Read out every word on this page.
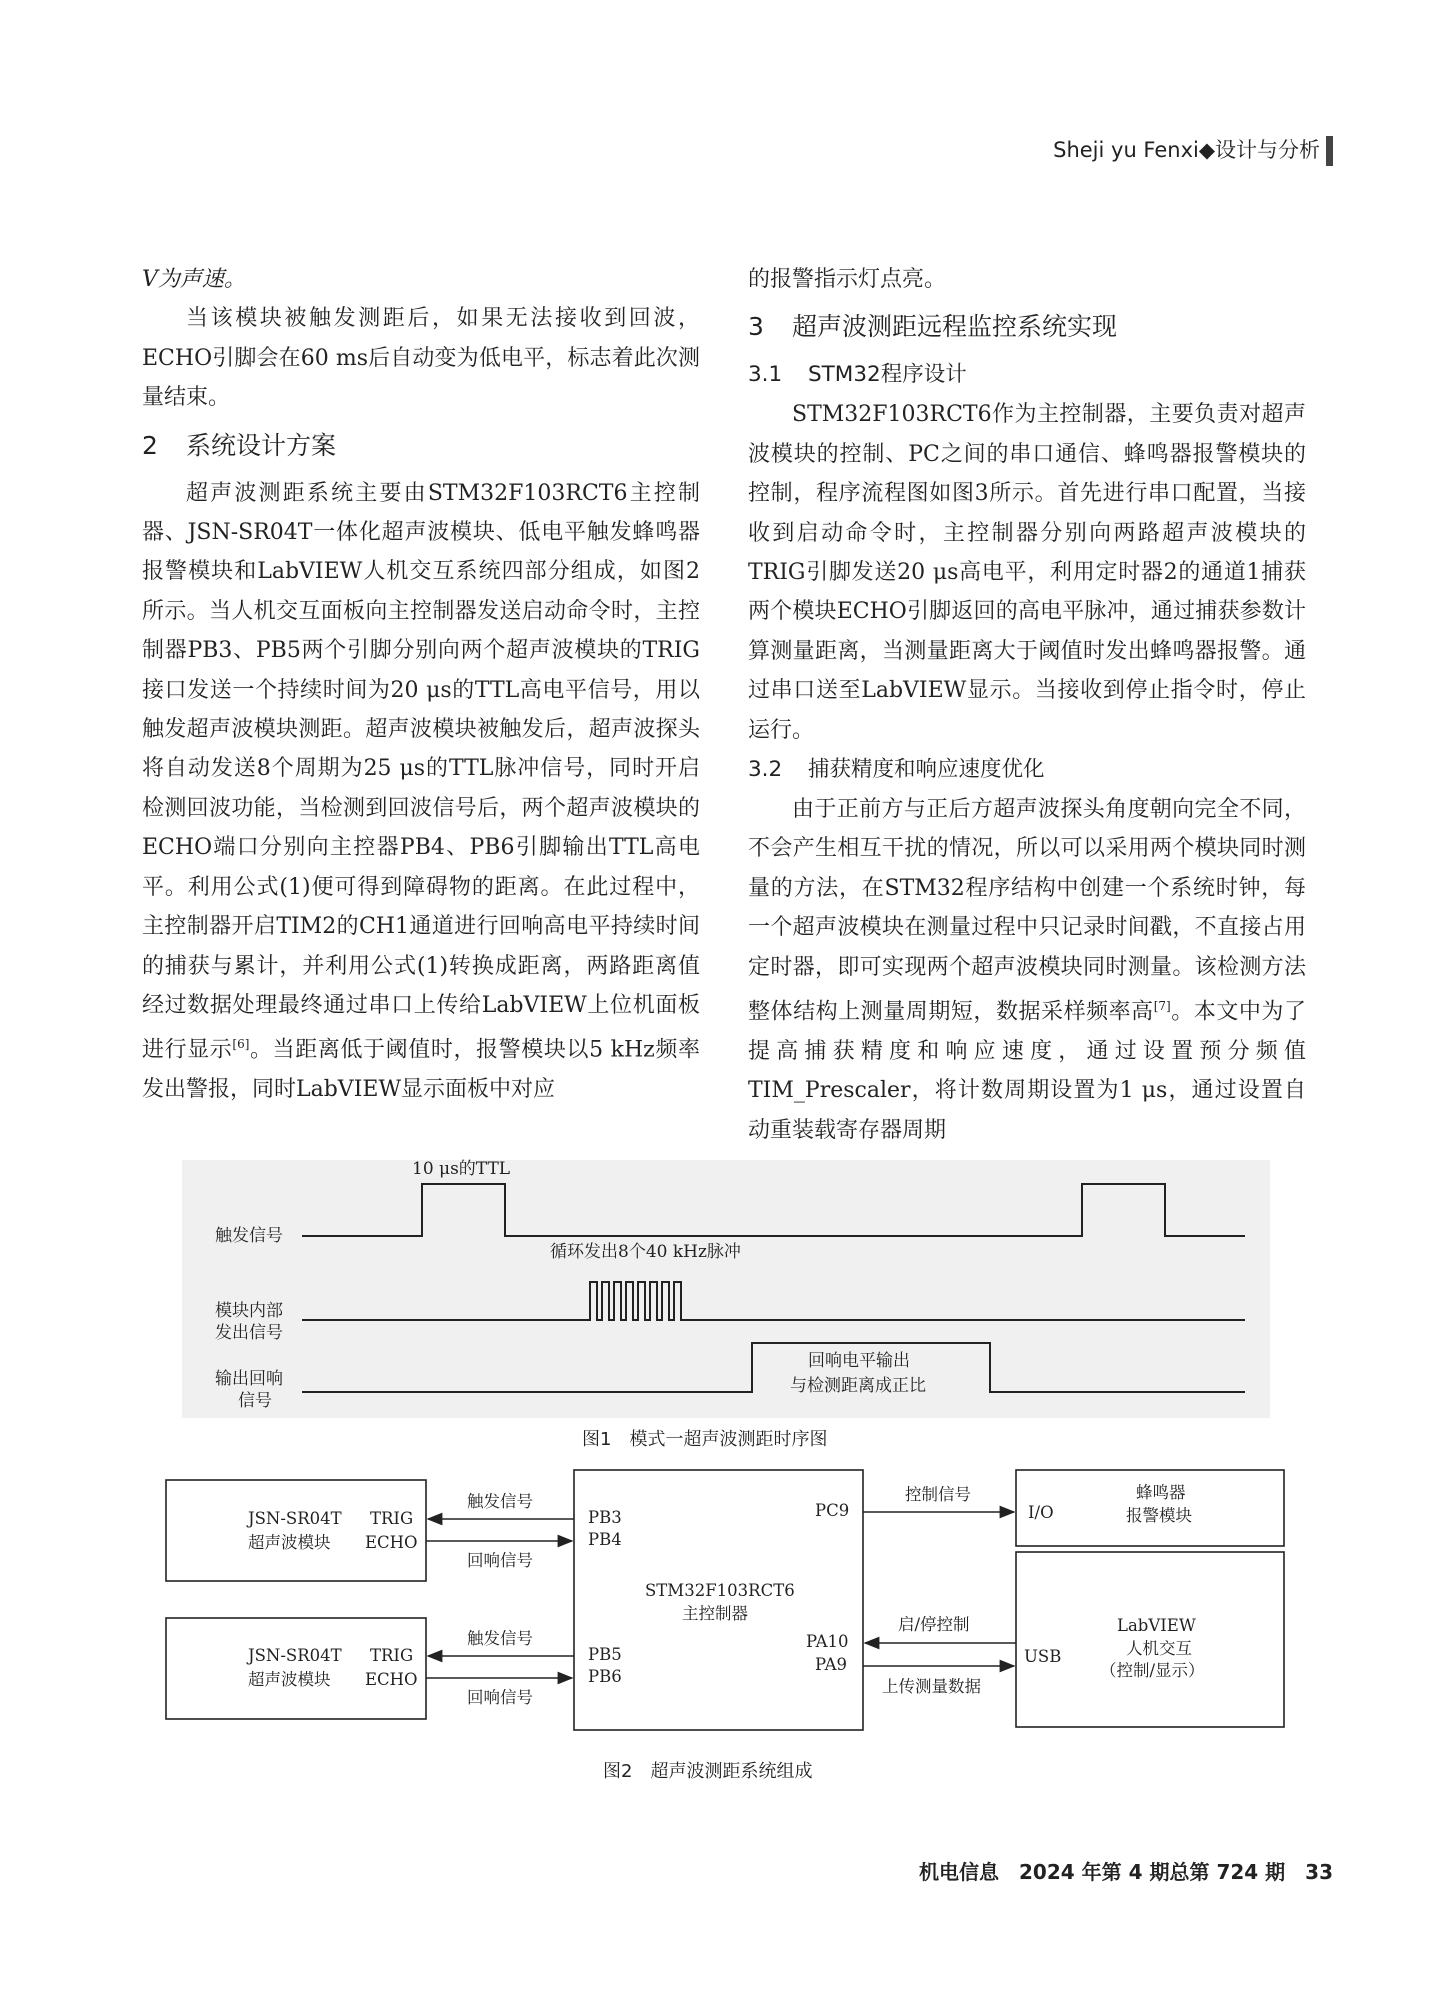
Sheji yu Fenxi◆设计与分析

V为声速。

当该模块被触发测距后，如果无法接收到回波，ECHO引脚会在60 ms后自动变为低电平，标志着此次测量结束。

2 系统设计方案

超声波测距系统主要由STM32F103RCT6主控制器、JSN-SR04T一体化超声波模块、低电平触发蜂鸣器报警模块和LabVIEW人机交互系统四部分组成，如图2所示。当人机交互面板向主控制器发送启动命令时，主控制器PB3、PB5两个引脚分别向两个超声波模块的TRIG接口发送一个持续时间为20 μs的TTL高电平信号，用以触发超声波模块测距。超声波模块被触发后，超声波探头将自动发送8个周期为25 μs的TTL脉冲信号，同时开启检测回波功能，当检测到回波信号后，两个超声波模块的ECHO端口分别向主控器PB4、PB6引脚输出TTL高电平。利用公式(1)便可得到障碍物的距离。在此过程中，主控制器开启TIM2的CH1通道进行回响高电平持续时间的捕获与累计，并利用公式(1)转换成距离，两路距离值经过数据处理最终通过串口上传给LabVIEW上位机面板进行显示[6]。当距离低于阈值时，报警模块以5 kHz频率发出警报，同时LabVIEW显示面板中对应

的报警指示灯点亮。

3 超声波测距远程监控系统实现

3.1 STM32程序设计

STM32F103RCT6作为主控制器，主要负责对超声波模块的控制、PC之间的串口通信、蜂鸣器报警模块的控制，程序流程图如图3所示。首先进行串口配置，当接收到启动命令时，主控制器分别向两路超声波模块的TRIG引脚发送20 μs高电平，利用定时器2的通道1捕获两个模块ECHO引脚返回的高电平脉冲，通过捕获参数计算测量距离，当测量距离大于阈值时发出蜂鸣器报警。通过串口送至LabVIEW显示。当接收到停止指令时，停止运行。

3.2 捕获精度和响应速度优化

由于正前方与正后方超声波探头角度朝向完全不同，不会产生相互干扰的情况，所以可以采用两个模块同时测量的方法，在STM32程序结构中创建一个系统时钟，每一个超声波模块在测量过程中只记录时间戳，不直接占用定时器，即可实现两个超声波模块同时测量。该检测方法整体结构上测量周期短，数据采样频率高[7]。本文中为了提高捕获精度和响应速度，通过设置预分频值TIM_Prescaler，将计数周期设置为1 μs，通过设置自动重装载寄存器周期

触发信号
模块内部
发出信号
输出回响
信号
10 μs的TTL
循环发出8个40 kHz脉冲
回响电平输出
与检测距离成正比
图1　模式一超声波测距时序图
JSN-SR04T
超声波模块
TRIG
ECHO
JSN-SR04T
超声波模块
TRIG
ECHO
触发信号
回响信号
触发信号
回响信号
PB3
PB4
PB5
PB6
PC9
PA10
PA9
STM32F103RCT6
主控制器
控制信号
启/停控制
上传测量数据
I/O
蜂鸣器
报警模块
USB
LabVIEW
人机交互
（控制/显示）
图2　超声波测距系统组成
机电信息　2024 年第 4 期总第 724 期　33
